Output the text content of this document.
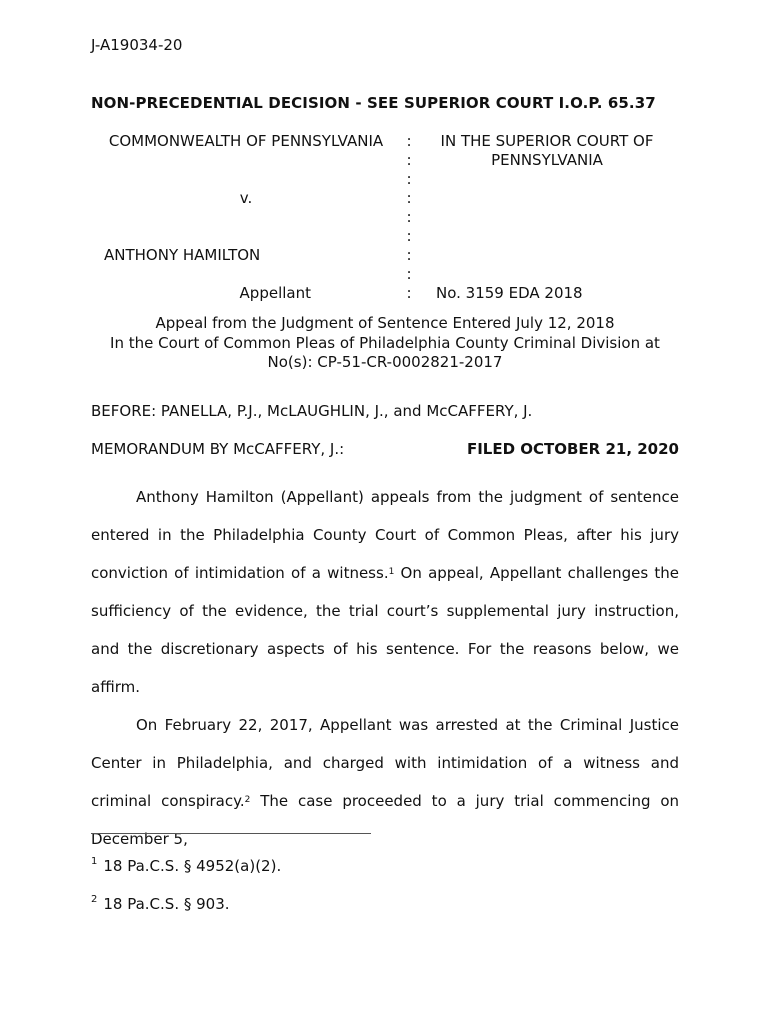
J-A19034-20
NON-PRECEDENTIAL DECISION - SEE SUPERIOR COURT I.O.P. 65.37
COMMONWEALTH OF PENNSYLVANIA
v.
ANTHONY HAMILTON
Appellant
:
:
:
:
:
:
:
:
:
IN THE SUPERIOR COURT OF
PENNSYLVANIA
No. 3159 EDA 2018
Appeal from the Judgment of Sentence Entered July 12, 2018
In the Court of Common Pleas of Philadelphia County Criminal Division at
No(s): CP-51-CR-0002821-2017
BEFORE: PANELLA, P.J., McLAUGHLIN, J., and McCAFFERY, J.
MEMORANDUM BY McCAFFERY, J.:	FILED OCTOBER 21, 2020

Anthony Hamilton (Appellant) appeals from the judgment of sentence entered in the Philadelphia County Court of Common Pleas, after his jury conviction of intimidation of a witness.$^1$ On appeal, Appellant challenges the sufficiency of the evidence, the trial court’s supplemental jury instruction, and the discretionary aspects of his sentence. For the reasons below, we affirm.

On February 22, 2017, Appellant was arrested at the Criminal Justice Center in Philadelphia, and charged with intimidation of a witness and criminal conspiracy.$^2$ The case proceeded to a jury trial commencing on December 5,

$^1$ 18 Pa.C.S. § 4952(a)(2).
$^2$ 18 Pa.C.S. § 903.
